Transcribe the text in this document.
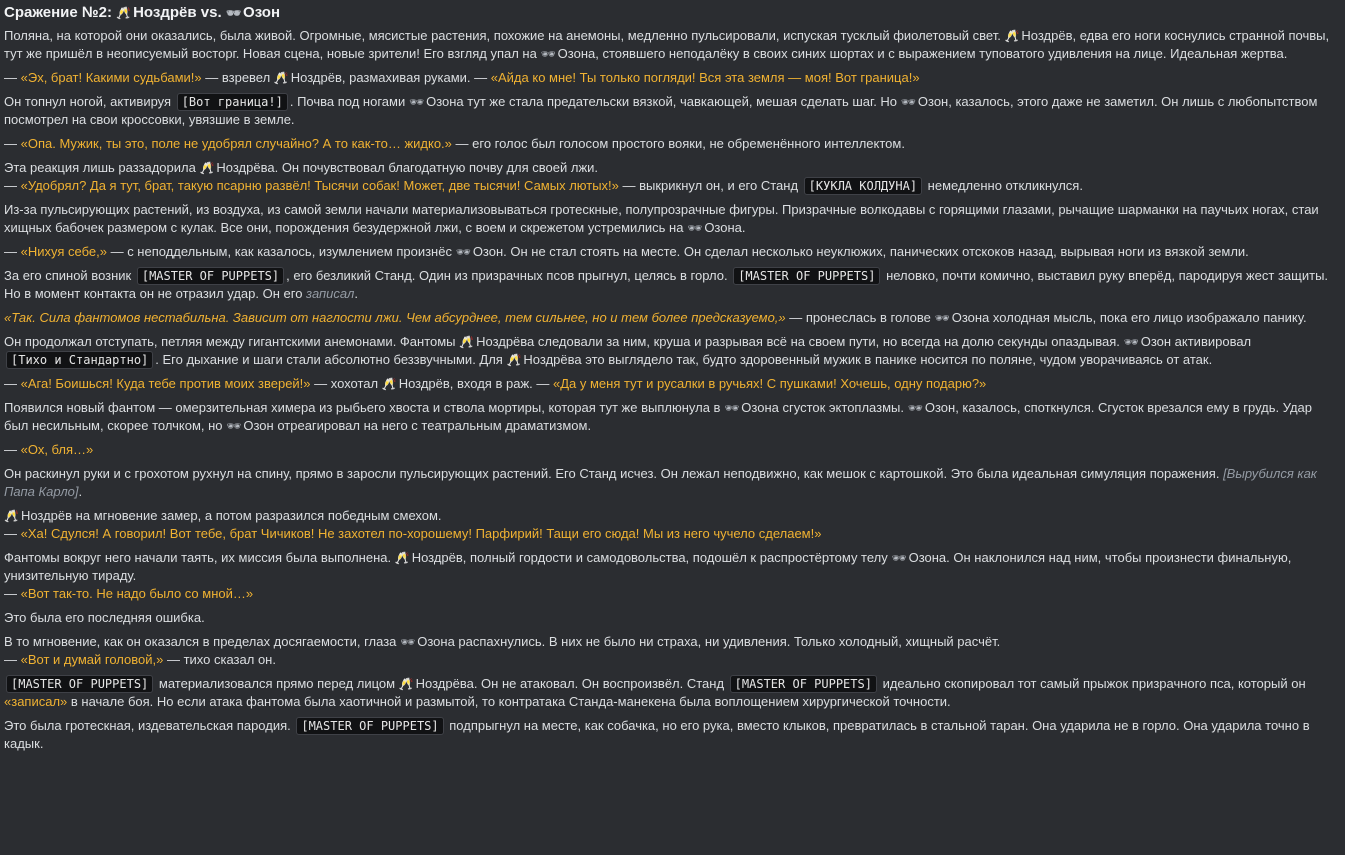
Сражение №2: 🥂 Ноздрёв vs. 🕶 Озон

Поляна, на которой они оказались, была живой. Огромные, мясистые растения, похожие на анемоны, медленно пульсировали, испуская тусклый фиолетовый свет. 🥂 Ноздрёв, едва его ноги коснулись странной почвы, тут же пришёл в неописуемый восторг. Новая сцена, новые зрители! Его взгляд упал на 🕶 Озона, стоявшего неподалёку в своих синих шортах и с выражением туповатого удивления на лице. Идеальная жертва.

— «Эх, брат! Какими судьбами!» — взревел 🥂 Ноздрёв, размахивая руками. — «Айда ко мне! Ты только погляди! Вся эта земля — моя! Вот граница!»

Он топнул ногой, активируя [Вот граница!] . Почва под ногами 🕶 Озона тут же стала предательски вязкой, чавкающей, мешая сделать шаг. Но 🕶 Озон, казалось, этого даже не заметил. Он лишь с любопытством посмотрел на свои кроссовки, увязшие в земле.

— «Опа. Мужик, ты это, поле не удобрял случайно? А то как-то… жидко.» — его голос был голосом простого вояки, не обременённого интеллектом.

Эта реакция лишь раззадорила 🥂 Ноздрёва. Он почувствовал благодатную почву для своей лжи.
— «Удобрял? Да я тут, брат, такую псарню развёл! Тысячи собак! Может, две тысячи! Самых лютых!» — выкрикнул он, и его Станд [КУКЛА КОЛДУНА] немедленно откликнулся.

Из-за пульсирующих растений, из воздуха, из самой земли начали материализовываться гротескные, полупрозрачные фигуры. Призрачные волкодавы с горящими глазами, рычащие шарманки на паучьих ногах, стаи хищных бабочек размером с кулак. Все они, порождения безудержной лжи, с воем и скрежетом устремились на 🕶 Озона.

— «Нихуя себе,» — с неподдельным, как казалось, изумлением произнёс 🕶 Озон. Он не стал стоять на месте. Он сделал несколько неуклюжих, панических отскоков назад, вырывая ноги из вязкой земли.

За его спиной возник [MASTER OF PUPPETS] , его безликий Станд. Один из призрачных псов прыгнул, целясь в горло. [MASTER OF PUPPETS] неловко, почти комично, выставил руку вперёд, пародируя жест защиты. Но в момент контакта он не отразил удар. Он его записал.

«Так. Сила фантомов нестабильна. Зависит от наглости лжи. Чем абсурднее, тем сильнее, но и тем более предсказуемо,» — пронеслась в голове 🕶 Озона холодная мысль, пока его лицо изображало панику.

Он продолжал отступать, петляя между гигантскими анемонами. Фантомы 🥂 Ноздрёва следовали за ним, круша и разрывая всё на своем пути, но всегда на долю секунды опаздывая. 🕶 Озон активировал [Тихо и Стандартно] . Его дыхание и шаги стали абсолютно беззвучными. Для 🥂 Ноздрёва это выглядело так, будто здоровенный мужик в панике носится по поляне, чудом уворачиваясь от атак.

— «Ага! Боишься! Куда тебе против моих зверей!» — хохотал 🥂 Ноздрёв, входя в раж. — «Да у меня тут и русалки в ручьях! С пушками! Хочешь, одну подарю?»

Появился новый фантом — омерзительная химера из рыбьего хвоста и ствола мортиры, которая тут же выплюнула в 🕶 Озона сгусток эктоплазмы. 🕶 Озон, казалось, споткнулся. Сгусток врезался ему в грудь. Удар был несильным, скорее толчком, но 🕶 Озон отреагировал на него с театральным драматизмом.

— «Ох, бля…»

Он раскинул руки и с грохотом рухнул на спину, прямо в заросли пульсирующих растений. Его Станд исчез. Он лежал неподвижно, как мешок с картошкой. Это была идеальная симуляция поражения. [Вырубился как Папа Карло].

🥂 Ноздрёв на мгновение замер, а потом разразился победным смехом.
— «Ха! Сдулся! А говорил! Вот тебе, брат Чичиков! Не захотел по-хорошему! Парфирий! Тащи его сюда! Мы из него чучело сделаем!»

Фантомы вокруг него начали таять, их миссия была выполнена. 🥂 Ноздрёв, полный гордости и самодовольства, подошёл к распростёртому телу 🕶 Озона. Он наклонился над ним, чтобы произнести финальную, унизительную тираду.
— «Вот так-то. Не надо было со мной…»

Это была его последняя ошибка.

В то мгновение, как он оказался в пределах досягаемости, глаза 🕶 Озона распахнулись. В них не было ни страха, ни удивления. Только холодный, хищный расчёт.
— «Вот и думай головой,» — тихо сказал он.

[MASTER OF PUPPETS] материализовался прямо перед лицом 🥂 Ноздрёва. Он не атаковал. Он воспроизвёл. Станд [MASTER OF PUPPETS] идеально скопировал тот самый прыжок призрачного пса, который он «записал» в начале боя. Но если атака фантома была хаотичной и размытой, то контратака Станда-манекена была воплощением хирургической точности.

Это была гротескная, издевательская пародия. [MASTER OF PUPPETS] подпрыгнул на месте, как собачка, но его рука, вместо клыков, превратилась в стальной таран. Она ударила не в горло. Она ударила точно в кадык.
